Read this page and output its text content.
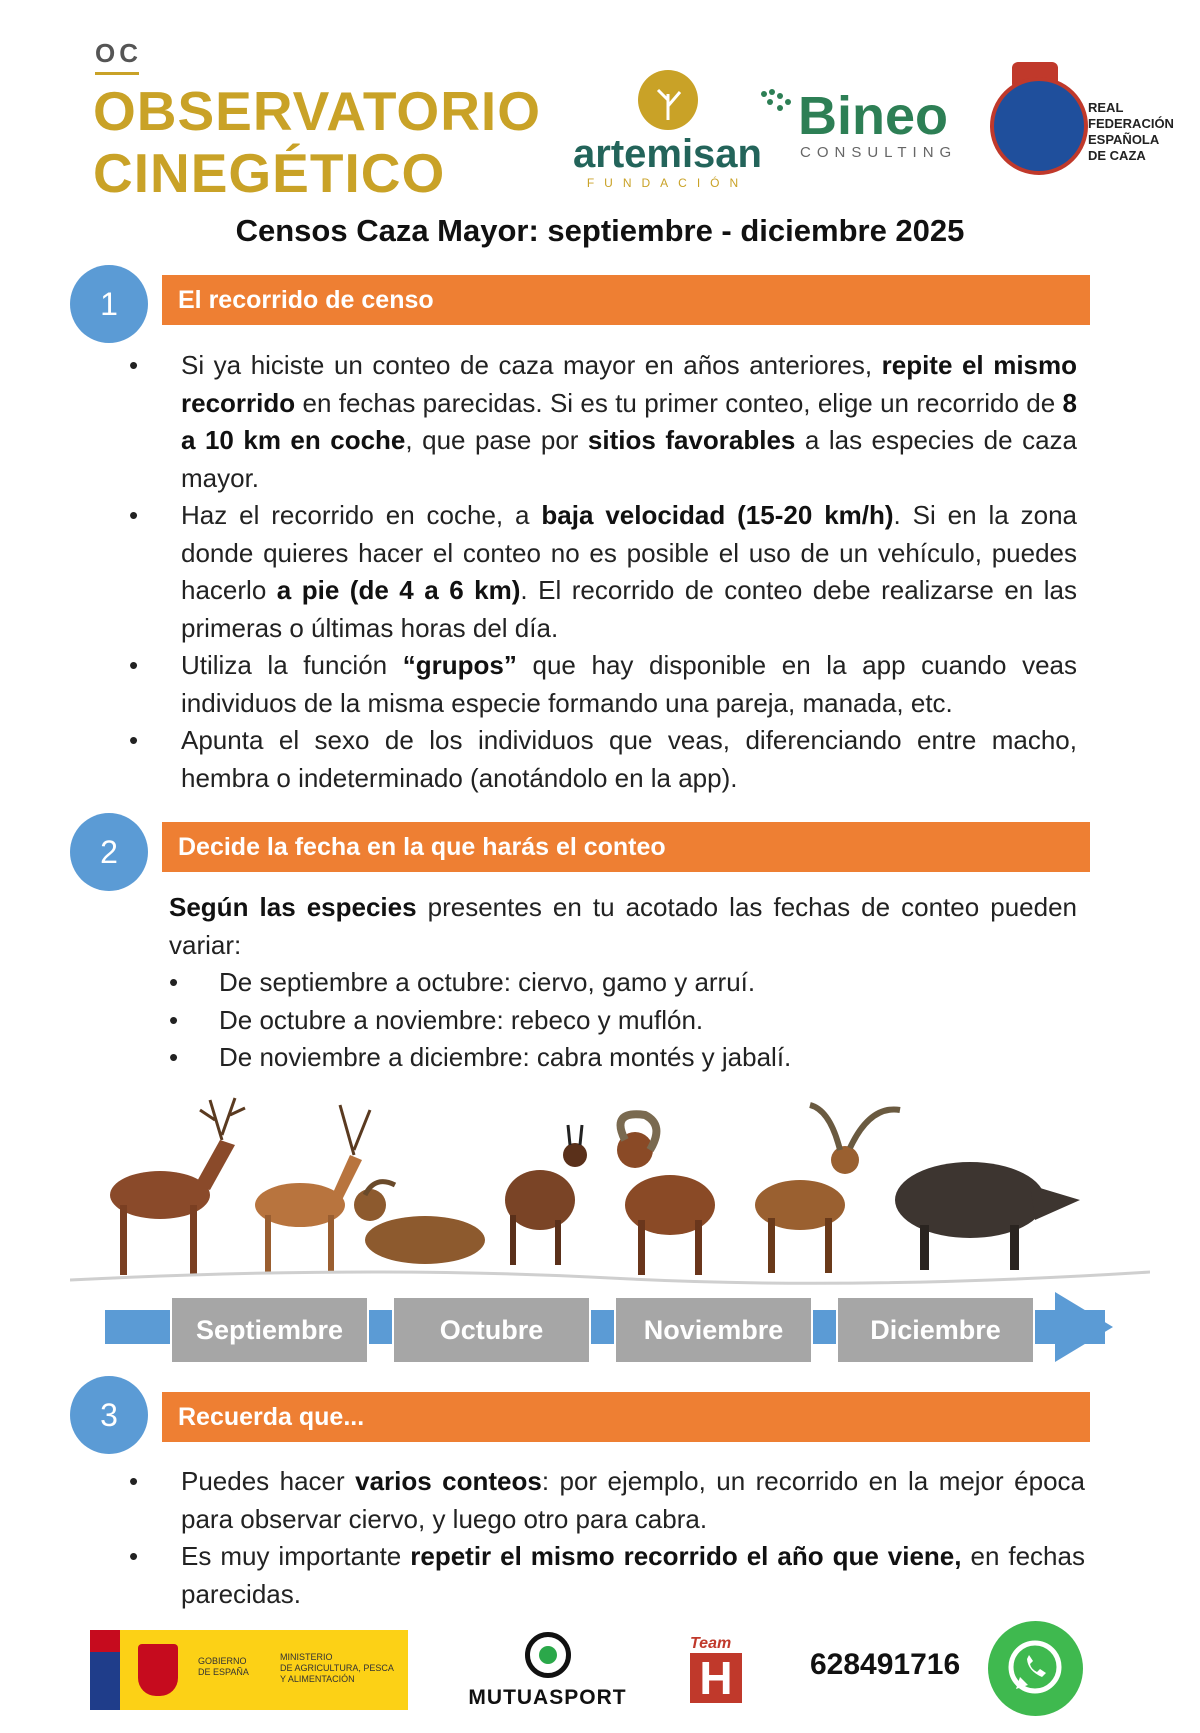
OC
OBSERVATORIO
CINEGÉTICO	artemisan
FUNDACIÓN
Bineo
CONSULTING
REAL
FEDERACIÓN
ESPAÑOLA
DE CAZA
Censos Caza Mayor: septiembre - diciembre 2025
1	El recorrido de censo
• Si ya hiciste un conteo de caza mayor en años anteriores, repite el mismo recorrido en fechas parecidas. Si es tu primer conteo, elige un recorrido de 8 a 10 km en coche, que pase por sitios favorables a las especies de caza mayor.
• Haz el recorrido en coche, a baja velocidad (15-20 km/h). Si en la zona donde quieres hacer el conteo no es posible el uso de un vehículo, puedes hacerlo a pie (de 4 a 6 km). El recorrido de conteo debe realizarse en las primeras o últimas horas del día.
• Utiliza la función “grupos” que hay disponible en la app cuando veas individuos de la misma especie formando una pareja, manada, etc.
• Apunta el sexo de los individuos que veas, diferenciando entre macho, hembra o indeterminado (anotándolo en la app).
2	Decide la fecha en la que harás el conteo
Según las especies presentes en tu acotado las fechas de conteo pueden variar:
• De septiembre a octubre: ciervo, gamo y arruí.
• De octubre a noviembre: rebeco y muflón.
• De noviembre a diciembre: cabra montés y jabalí.
Septiembre	Octubre	Noviembre	Diciembre
3	Recuerda que...
• Puedes hacer varios conteos: por ejemplo, un recorrido en la mejor época para observar ciervo, y luego otro para cabra.
• Es muy importante repetir el mismo recorrido el año que viene, en fechas parecidas.
GOBIERNO
DE ESPAÑA
MINISTERIO
DE AGRICULTURA, PESCA
Y ALIMENTACIÓN
MUTUASPORT
Team
H	628491716
